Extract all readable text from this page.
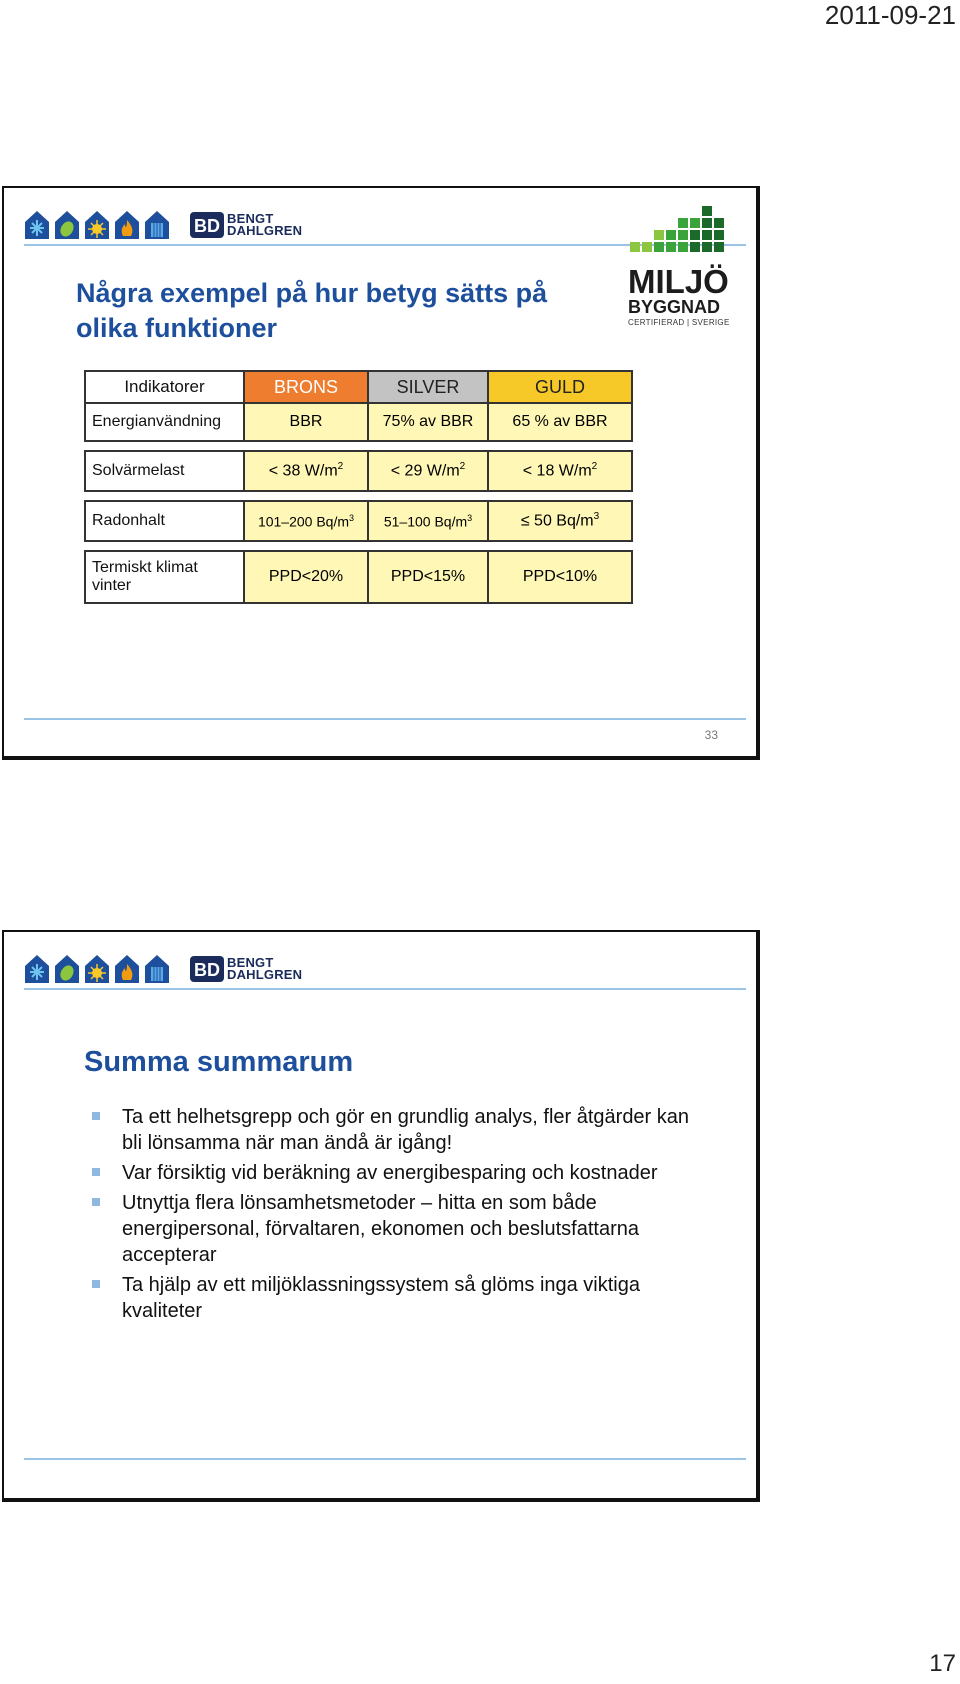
2011-09-21
BD BENGT
DAHLGREN
MILJÖ
BYGGNAD
CERTIFIERAD | SVERIGE
Några exempel på hur betyg sätts på olika funktioner
Indikatorer	BRONS	SILVER	GULD
Energianvändning	BBR	75% av BBR	65 % av BBR

Solvärmelast	< 38 $W/m^2$	< 29 $W/m^2$	< 18 $W/m^2$

Radonhalt	101–200 $Bq/m^3$	51–100 $Bq/m^3$	≤ 50 $Bq/m^3$

Termiskt klimat vinter	PPD<20%	PPD<15%	PPD<10%
33
BD BENGT
DAHLGREN
Summa summarum
Ta ett helhetsgrepp och gör en grundlig analys, fler åtgärder kan bli lönsamma när man ändå är igång!
Var försiktig vid beräkning av energibesparing och kostnader
Utnyttja flera lönsamhetsmetoder – hitta en som både energipersonal, förvaltaren, ekonomen och beslutsfattarna accepterar
Ta hjälp av ett miljöklassningssystem så glöms inga viktiga kvaliteter
17
